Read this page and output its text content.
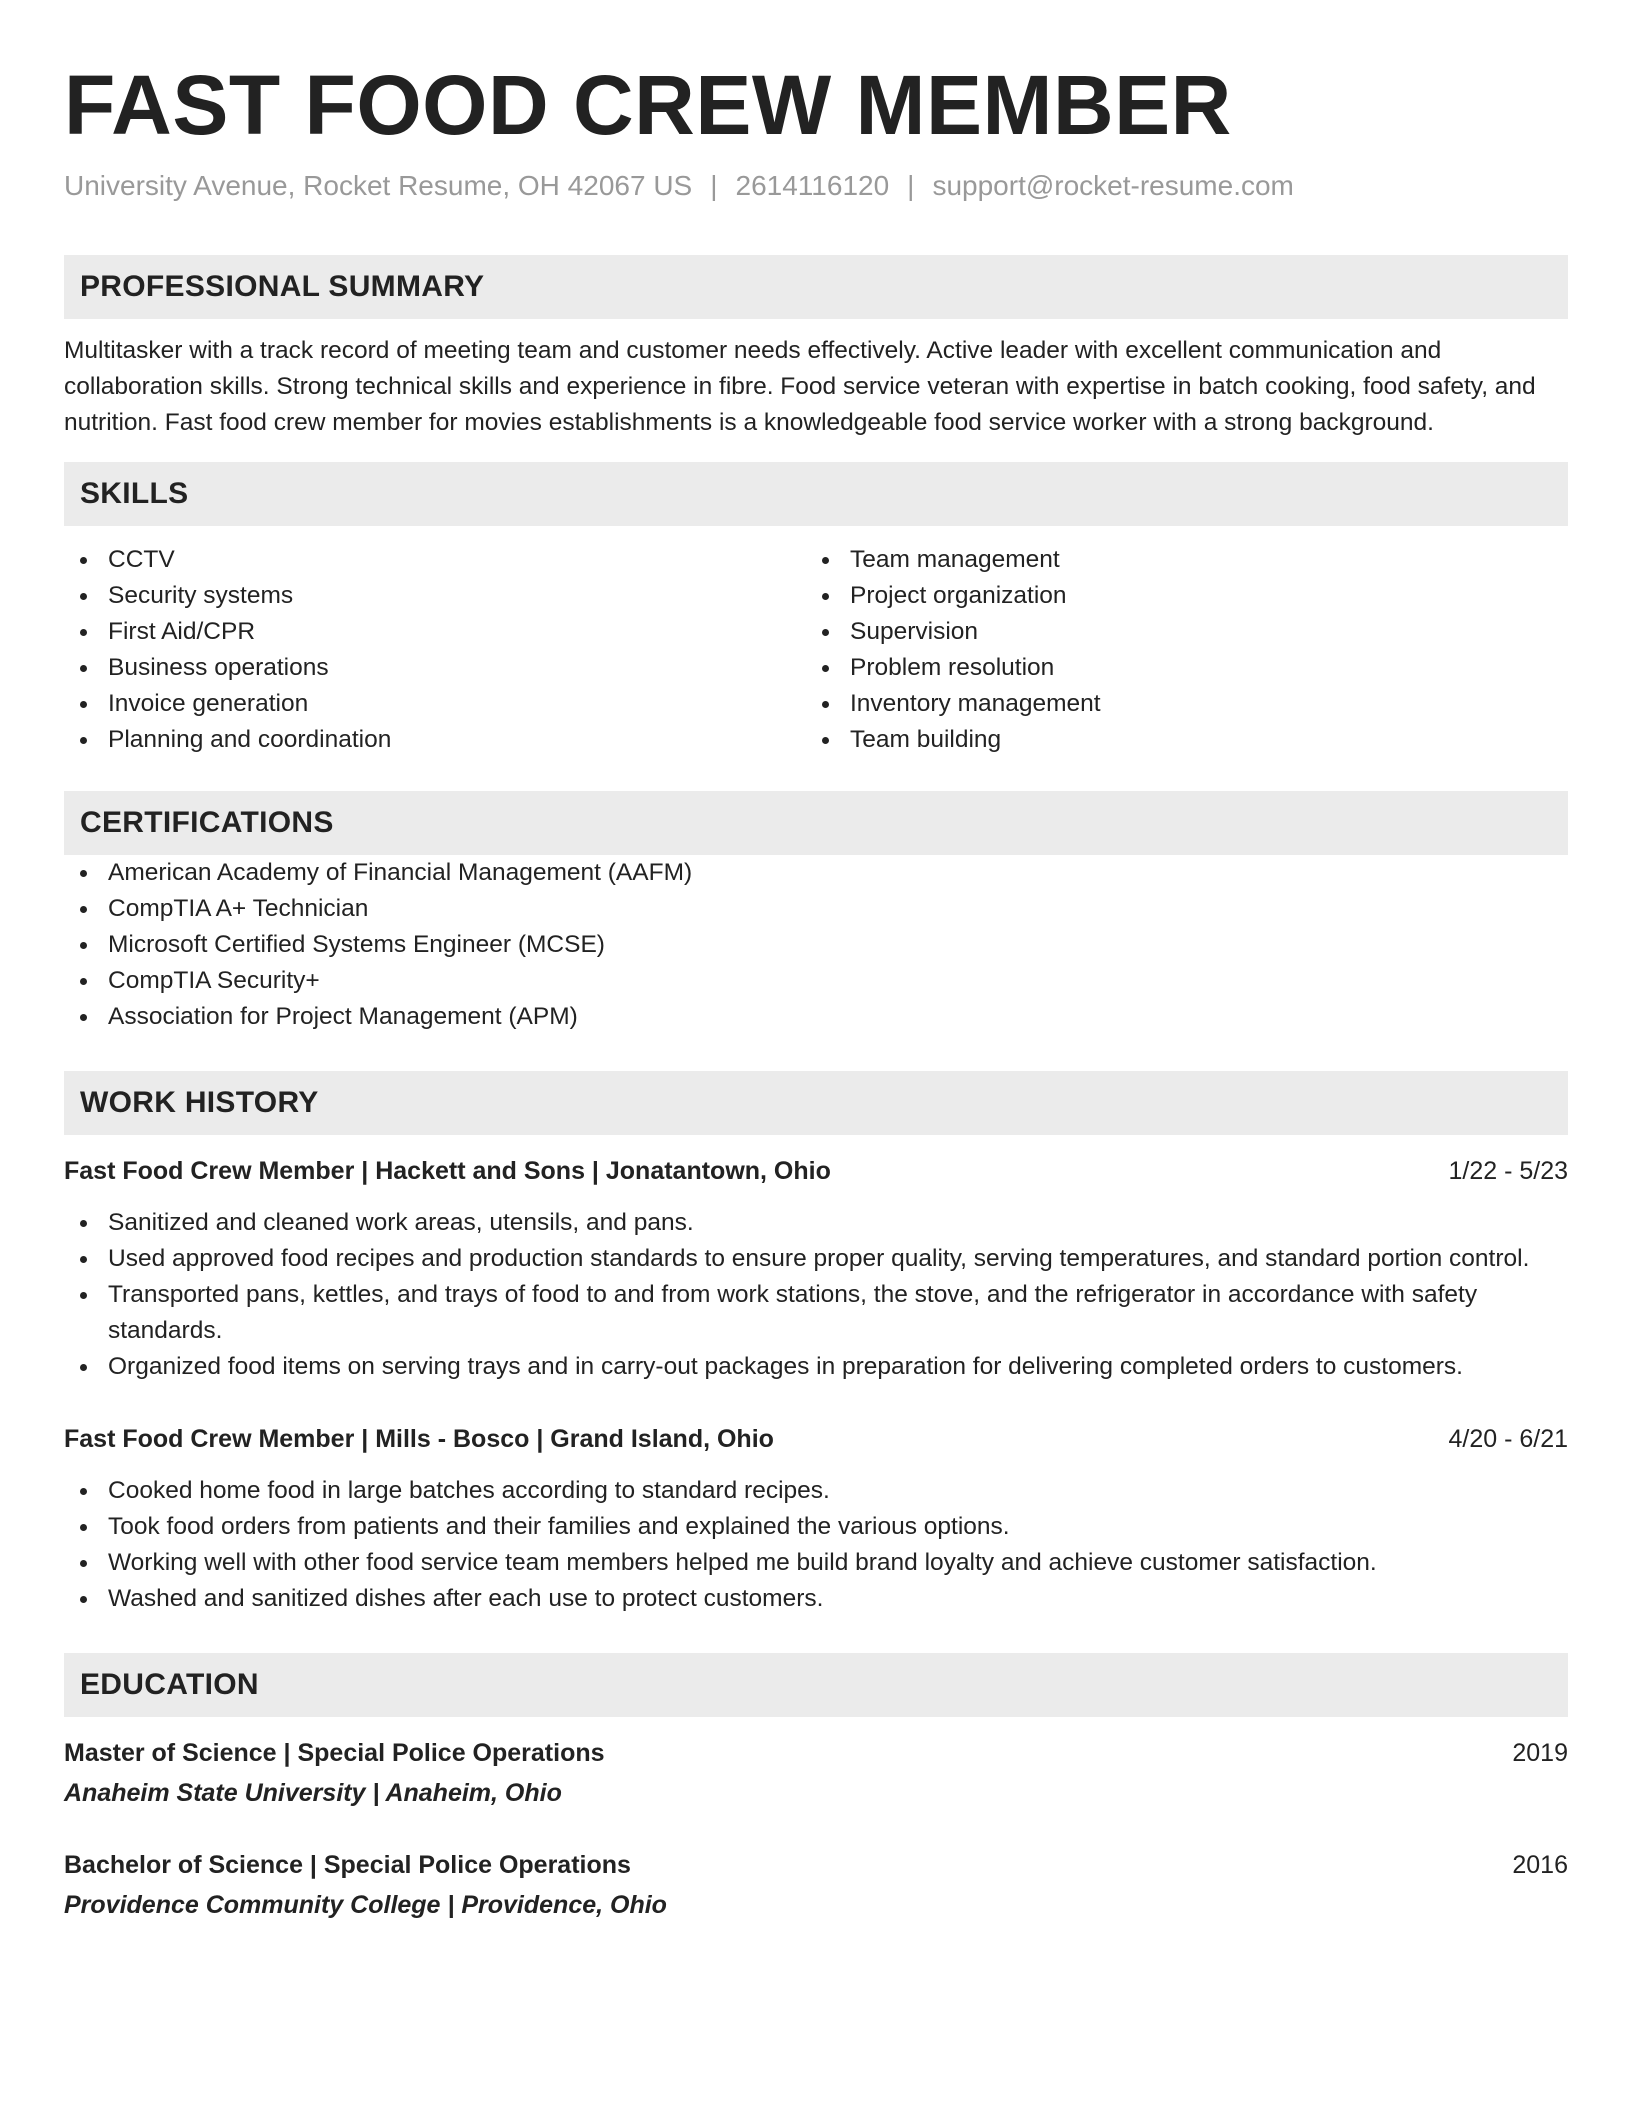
FAST FOOD CREW MEMBER
University Avenue, Rocket Resume, OH 42067 US | 2614116120 | support@rocket-resume.com
PROFESSIONAL SUMMARY
Multitasker with a track record of meeting team and customer needs effectively. Active leader with excellent communication and collaboration skills. Strong technical skills and experience in fibre. Food service veteran with expertise in batch cooking, food safety, and nutrition. Fast food crew member for movies establishments is a knowledgeable food service worker with a strong background.
SKILLS
CCTV
Security systems
First Aid/CPR
Business operations
Invoice generation
Planning and coordination
Team management
Project organization
Supervision
Problem resolution
Inventory management
Team building
CERTIFICATIONS
American Academy of Financial Management (AAFM)
CompTIA A+ Technician
Microsoft Certified Systems Engineer (MCSE)
CompTIA Security+
Association for Project Management (APM)
WORK HISTORY
Fast Food Crew Member | Hackett and Sons | Jonatantown, Ohio	1/22 - 5/23
Sanitized and cleaned work areas, utensils, and pans.
Used approved food recipes and production standards to ensure proper quality, serving temperatures, and standard portion control.
Transported pans, kettles, and trays of food to and from work stations, the stove, and the refrigerator in accordance with safety standards.
Organized food items on serving trays and in carry-out packages in preparation for delivering completed orders to customers.
Fast Food Crew Member | Mills - Bosco | Grand Island, Ohio	4/20 - 6/21
Cooked home food in large batches according to standard recipes.
Took food orders from patients and their families and explained the various options.
Working well with other food service team members helped me build brand loyalty and achieve customer satisfaction.
Washed and sanitized dishes after each use to protect customers.
EDUCATION
Master of Science | Special Police Operations	2019
Anaheim State University | Anaheim, Ohio
Bachelor of Science | Special Police Operations	2016
Providence Community College | Providence, Ohio
